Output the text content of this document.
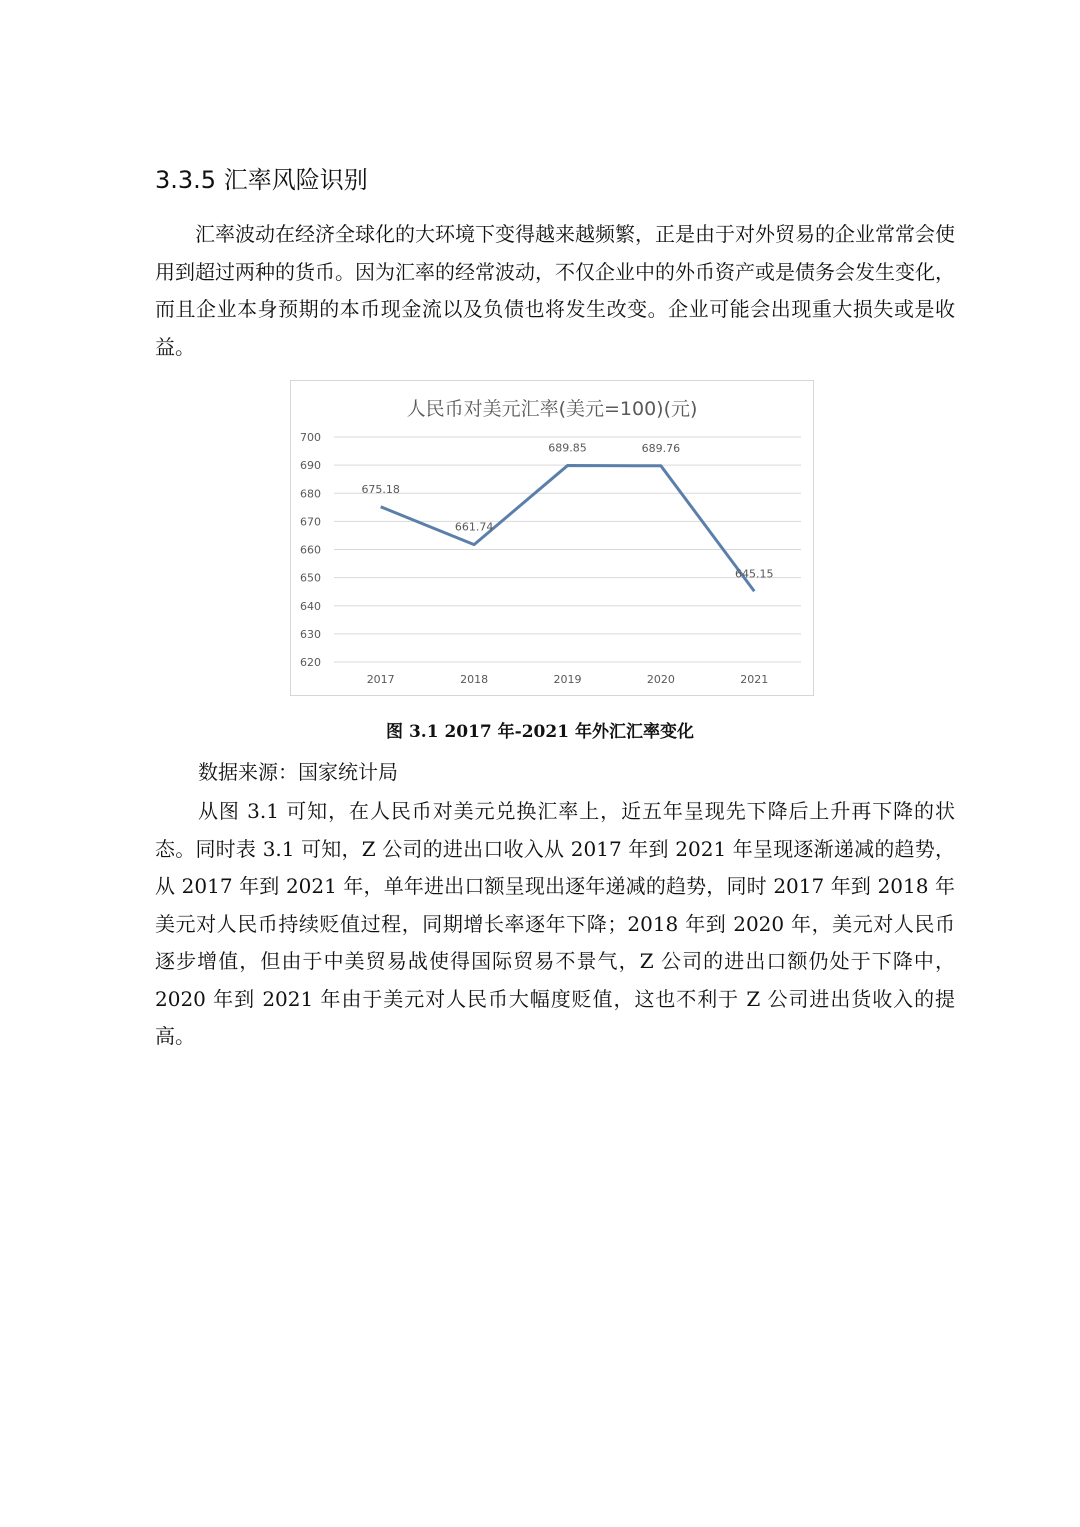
3.3.5 汇率风险识别

汇率波动在经济全球化的大环境下变得越来越频繁，正是由于对外贸易的企业常常会使用到超过两种的货币。因为汇率的经常波动，不仅企业中的外币资产或是债务会发生变化，而且企业本身预期的本币现金流以及负债也将发生改变。企业可能会出现重大损失或是收益。

人民币对美元汇率(美元=100)(元)
620
630
640
650
660
670
680
690
700
2017	2018	2019	2020	2021
675.18
661.74
689.85	689.76
645.15
图 3.1 2017 年-2021 年外汇汇率变化
数据来源：国家统计局

从图 3.1 可知，在人民币对美元兑换汇率上，近五年呈现先下降后上升再下降的状态。同时表 3.1 可知，Z 公司的进出口收入从 2017 年到 2021 年呈现逐渐递减的趋势，从 2017 年到 2021 年，单年进出口额呈现出逐年递减的趋势，同时 2017 年到 2018 年美元对人民币持续贬值过程，同期增长率逐年下降；2018 年到 2020 年，美元对人民币逐步增值，但由于中美贸易战使得国际贸易不景气，Z 公司的进出口额仍处于下降中，2020 年到 2021 年由于美元对人民币大幅度贬值，这也不利于 Z 公司进出货收入的提高。
